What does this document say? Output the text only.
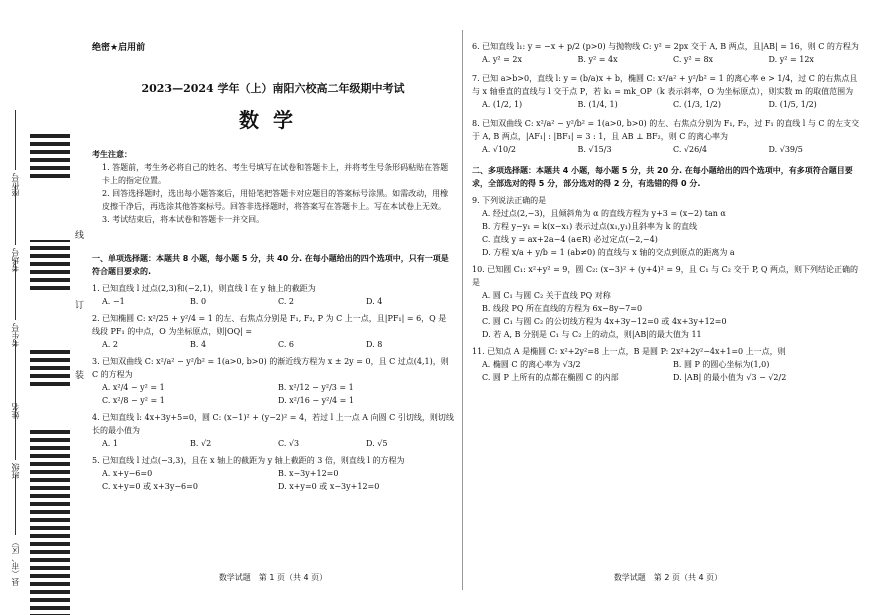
座位号
考场号
考生号
姓名
班级
县（市、区）
线
订
装
绝密★启用前
2023—2024 学年（上）南阳六校高二年级期中考试
数学

考生注意：

1. 答题前，考生务必将自己的姓名、考生号填写在试卷和答题卡上，并将考生号条形码粘贴在答题卡上的指定位置。

2. 回答选择题时，选出每小题答案后，用铅笔把答题卡对应题目的答案标号涂黑。如需改动，用橡皮擦干净后，再选涂其他答案标号。回答非选择题时，将答案写在答题卡上。写在本试卷上无效。

3. 考试结束后，将本试卷和答题卡一并交回。

一、单项选择题：本题共 8 小题，每小题 5 分，共 40 分. 在每小题给出的四个选项中，只有一项是符合题目要求的.

1. 已知直线 l 过点(2,3)和(−2,1)，则直线 l 在 y 轴上的截距为

A. −1	B. 0	C. 2	D. 4

2. 已知椭圆 C: x²/25 + y²/4 = 1 的左、右焦点分别是 F₁, F₂, P 为 C 上一点，且|PF₁| = 6，Q 是线段 PF₁ 的中点，O 为坐标原点，则|OQ| =

A. 2	B. 4	C. 6	D. 8

3. 已知双曲线 C: x²/a² − y²/b² = 1(a>0, b>0) 的渐近线方程为 x ± 2y = 0，且 C 过点(4,1)，则 C 的方程为

A. x²/4 − y² = 1	B. x²/12 − y²/3 = 1 C. x²/8 − y² = 1	D. x²/16 − y²/4 = 1

4. 已知直线 l: 4x+3y+5=0，圆 C: (x−1)² + (y−2)² = 4，若过 l 上一点 A 向圆 C 引切线，则切线长的最小值为

A. 1	B. √2	C. √3	D. √5

5. 已知直线 l 过点(−3,3)，且在 x 轴上的截距为 y 轴上截距的 3 倍，则直线 l 的方程为

A. x+y−6=0	B. x−3y+12=0 C. x+y=0 或 x+3y−6=0	D. x+y=0 或 x−3y+12=0
数学试题　第 1 页（共 4 页）

6. 已知直线 l₁: y = −x + p/2 (p>0) 与抛物线 C: y² = 2px 交于 A, B 两点，且|AB| = 16，则 C 的方程为

A. y² = 2x	B. y² = 4x	C. y² = 8x	D. y² = 12x

7. 已知 a>b>0，直线 l: y = (b/a)x + b，椭圆 C: x²/a² + y²/b² = 1 的离心率 e > 1/4，过 C 的右焦点且与 x 轴垂直的直线与 l 交于点 P，若 k₁ = mk_OP（k 表示斜率，O 为坐标原点），则实数 m 的取值范围为

A. (1/2, 1)	B. (1/4, 1)	C. (1/3, 1/2)	D. (1/5, 1/2)

8. 已知双曲线 C: x²/a² − y²/b² = 1(a>0, b>0) 的左、右焦点分别为 F₁, F₂，过 F₁ 的直线 l 与 C 的左支交于 A, B 两点，|AF₁| : |BF₁| = 3 : 1，且 AB ⊥ BF₂，则 C 的离心率为

A. √10/2	B. √15/3	C. √26/4	D. √39/5

二、多项选择题：本题共 4 小题，每小题 5 分，共 20 分. 在每小题给出的四个选项中，有多项符合题目要求，全部选对的得 5 分，部分选对的得 2 分，有选错的得 0 分.

9. 下列说法正确的是

A. 经过点(2,−3)，且倾斜角为 α 的直线方程为 y+3 = (x−2) tan α

B. 方程 y−y₁ = k(x−x₁) 表示过点(x₁,y₁)且斜率为 k 的直线

C. 直线 y = ax+2a−4 (a∈R) 必过定点(−2,−4)

D. 方程 x/a + y/b = 1 (ab≠0) 的直线与 x 轴的交点到原点的距离为 a

10. 已知圆 C₁: x²+y² = 9，圆 C₂: (x−3)² + (y+4)² = 9，且 C₁ 与 C₂ 交于 P, Q 两点，则下列结论正确的是

A. 圆 C₁ 与圆 C₂ 关于直线 PQ 对称

B. 线段 PQ 所在直线的方程为 6x−8y−7=0

C. 圆 C₁ 与圆 C₂ 的公切线方程为 4x+3y−12=0 或 4x+3y+12=0

D. 若 A, B 分别是 C₁ 与 C₂ 上的动点，则|AB|的最大值为 11

11. 已知点 A 是椭圆 C: x²+2y²=8 上一点，B 是圆 P: 2x²+2y²−4x+1=0 上一点，则

A. 椭圆 C 的离心率为 √3/2	B. 圆 P 的圆心坐标为(1,0) C. 圆 P 上所有的点都在椭圆 C 的内部	D. |AB| 的最小值为 √3 − √2/2
数学试题　第 2 页（共 4 页）
